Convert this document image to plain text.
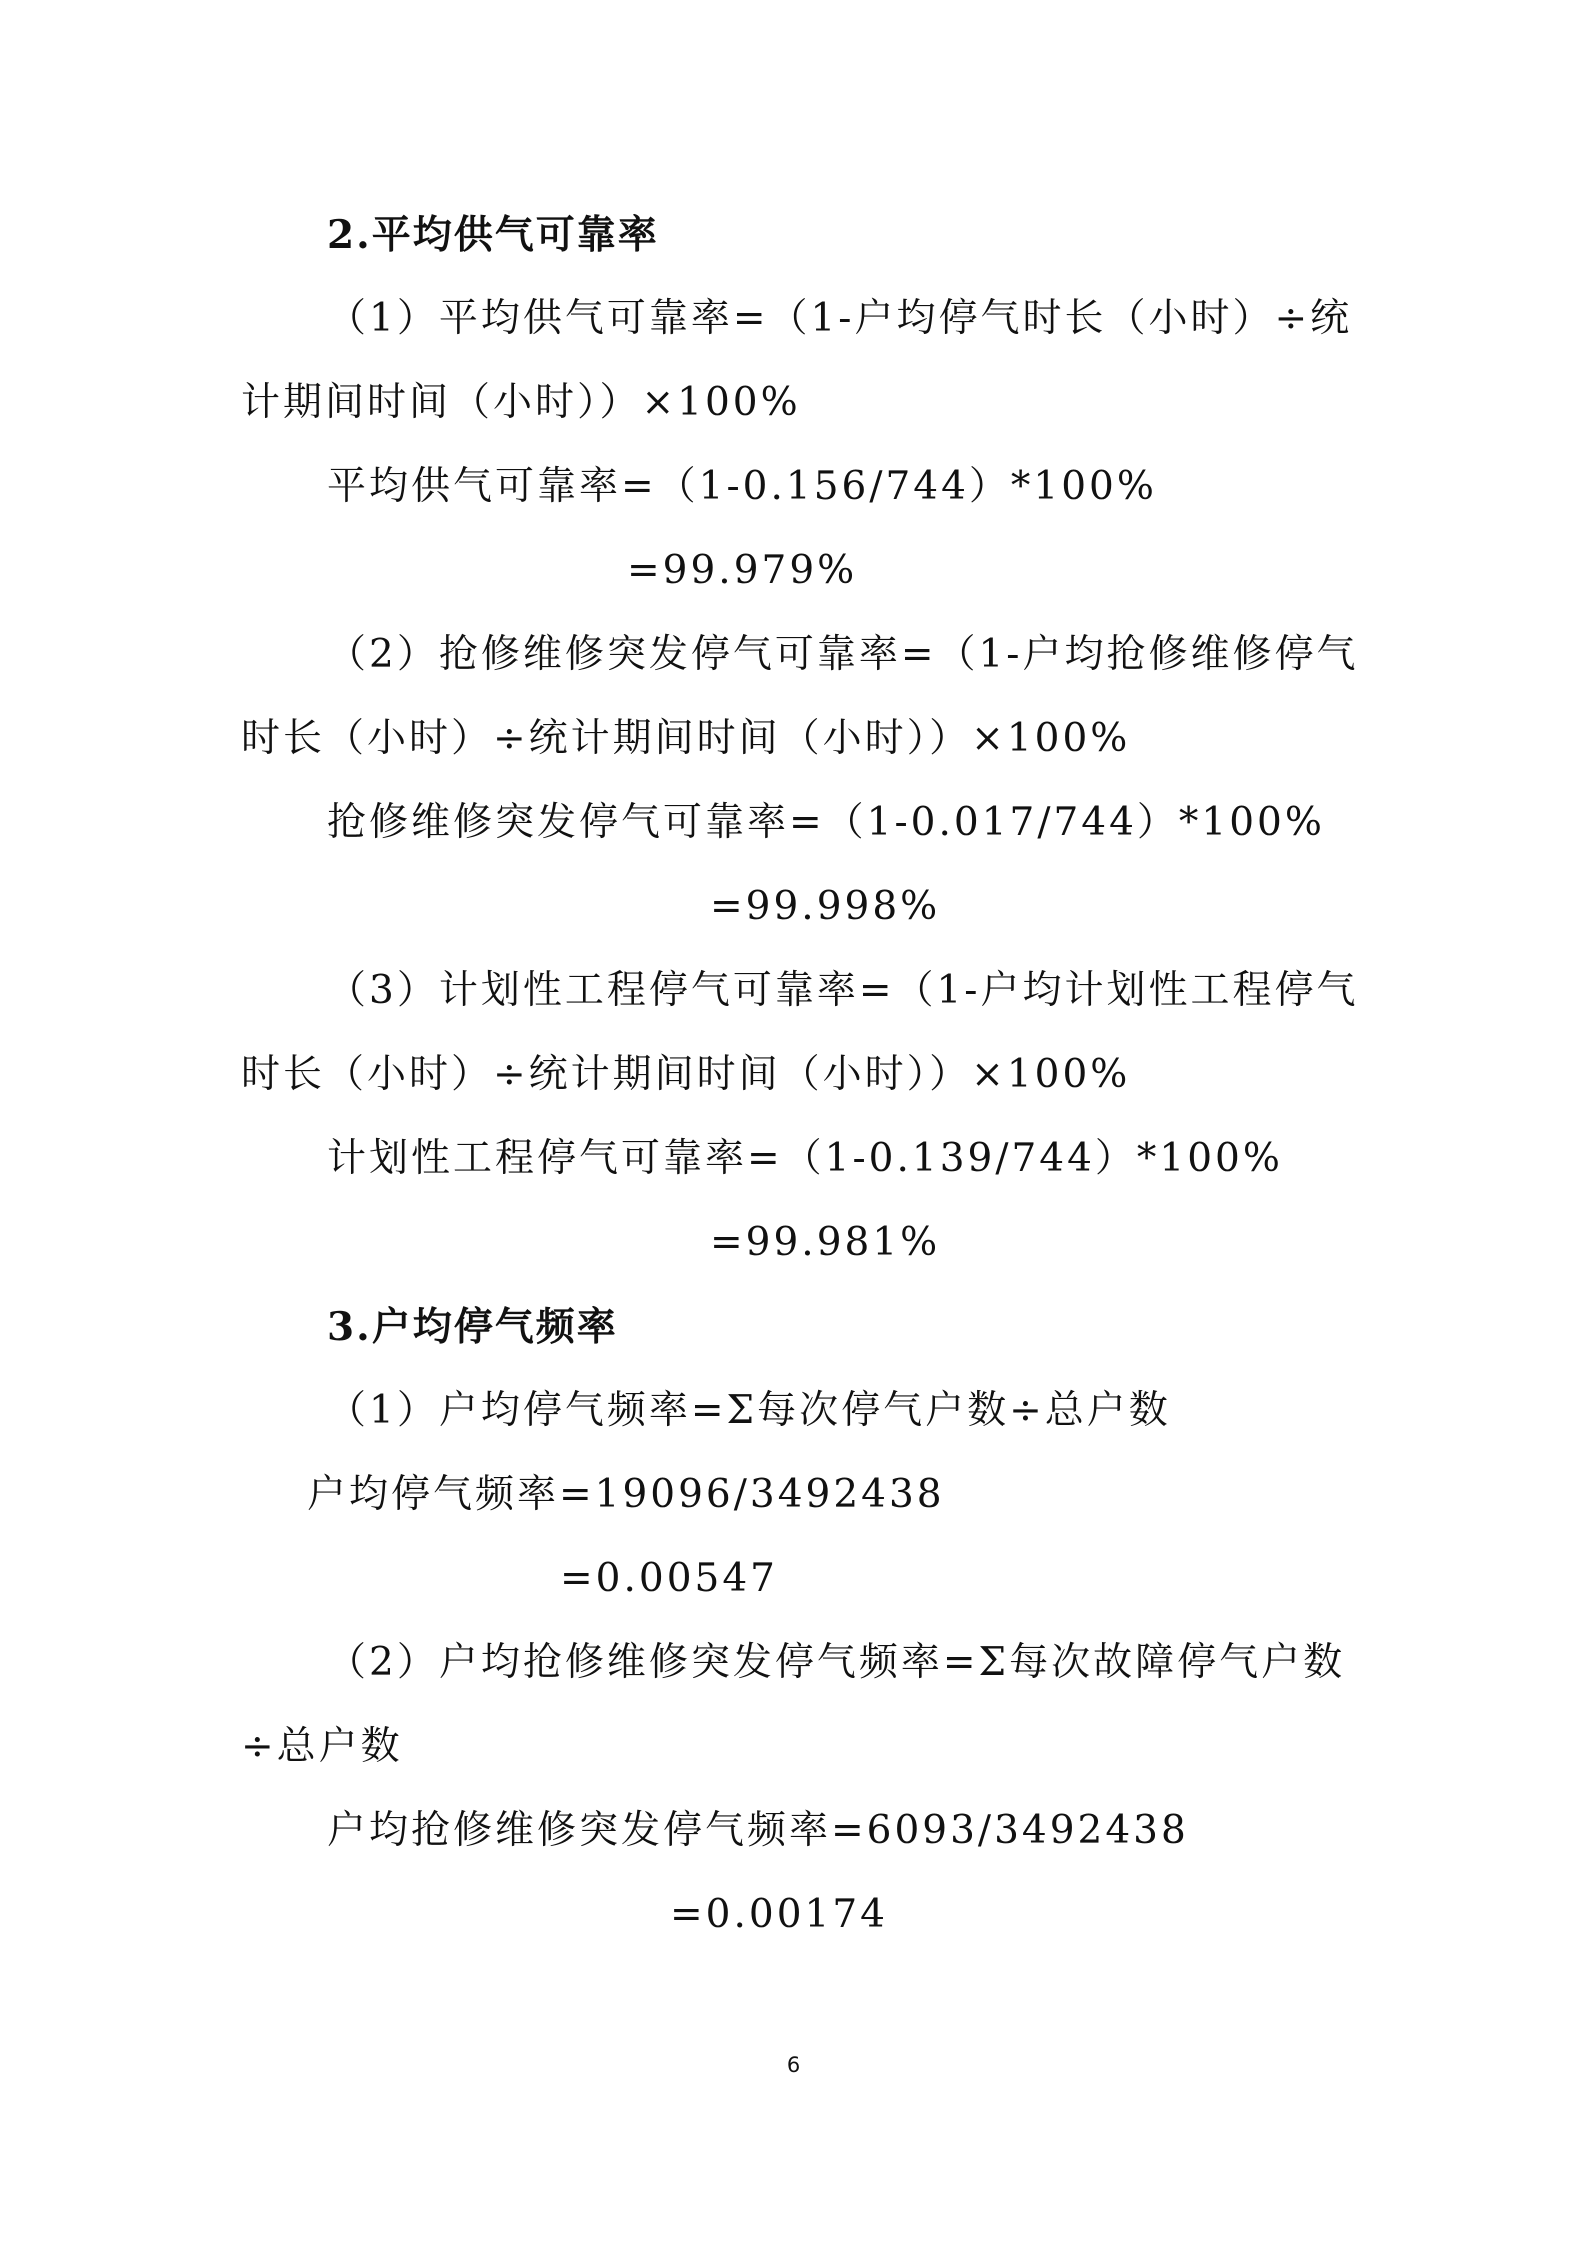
2.平均供气可靠率
（1）平均供气可靠率=（1-户均停气时长（小时）÷统
计期间时间（小时））×100%
平均供气可靠率=（1-0.156/744）*100%
=99.979%
（2）抢修维修突发停气可靠率=（1-户均抢修维修停气
时长（小时）÷统计期间时间（小时））×100%
抢修维修突发停气可靠率=（1-0.017/744）*100%
=99.998%
（3）计划性工程停气可靠率=（1-户均计划性工程停气
时长（小时）÷统计期间时间（小时））×100%
计划性工程停气可靠率=（1-0.139/744）*100%
=99.981%
3.户均停气频率
（1）户均停气频率=Σ每次停气户数÷总户数
户均停气频率=19096/3492438
=0.00547
（2）户均抢修维修突发停气频率=Σ每次故障停气户数
÷总户数
户均抢修维修突发停气频率=6093/3492438
=0.00174
6
